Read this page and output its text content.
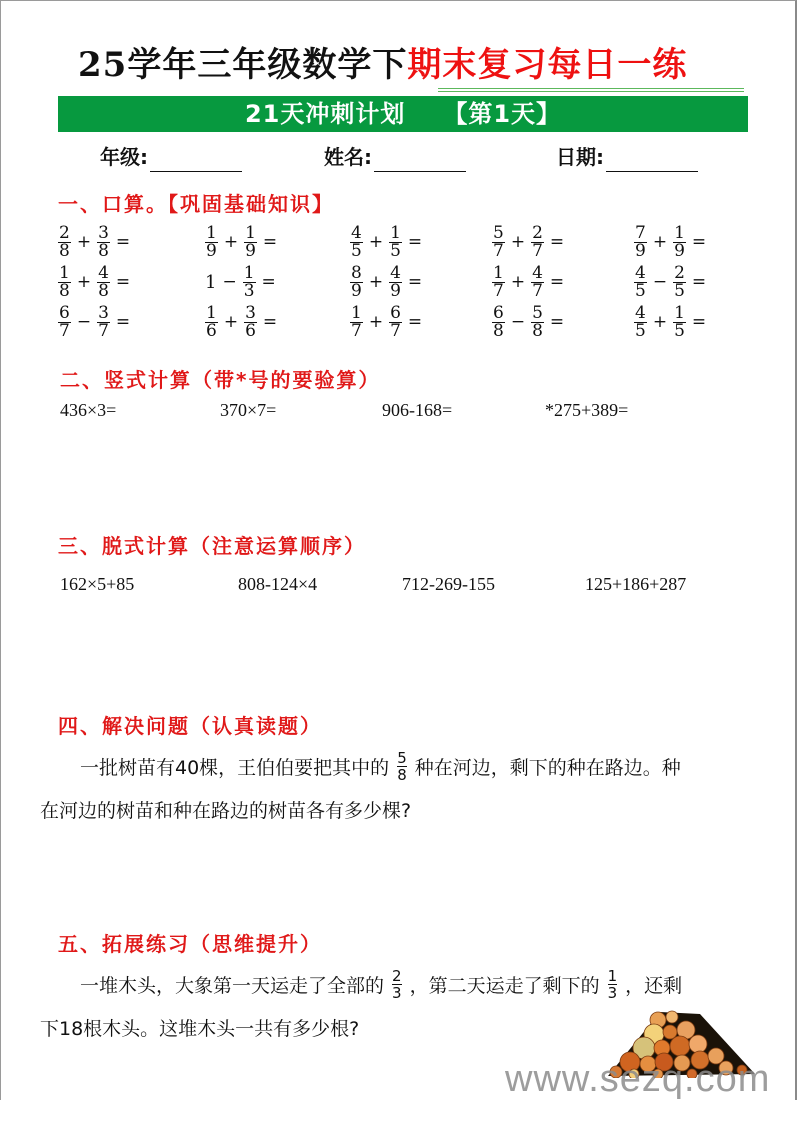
25学年三年级数学下期末复习每日一练
21天冲刺计划 【第1天】
年级:	姓名:	日期:
一、口算。【巩固基础知识】
$\frac{2}{8} + \frac{3}{8}$ =	$\frac{1}{9} + \frac{1}{9}$ =	$\frac{4}{5} + \frac{1}{5}$ =	$\frac{5}{7} + \frac{2}{7}$ =	$\frac{7}{9} + \frac{1}{9}$ =
$\frac{1}{8} + \frac{4}{8}$ =	$1 - \frac{1}{3}$ =	$\frac{8}{9} + \frac{4}{9}$ =	$\frac{1}{7} + \frac{4}{7}$ =	$\frac{4}{5} - \frac{2}{5}$ =
$\frac{6}{7} - \frac{3}{7}$ =	$\frac{1}{6} + \frac{3}{6}$ =	$\frac{1}{7} + \frac{6}{7}$ =	$\frac{6}{8} - \frac{5}{8}$ =	$\frac{4}{5} + \frac{1}{5}$ =
二、竖式计算（带*号的要验算）
436×3=	370×7=	906-168=	*275+389=
三、脱式计算（注意运算顺序）
162×5+85	808-124×4	712-269-155	125+186+287
四、解决问题（认真读题）
一批树苗有40棵，王伯伯要把其中的 $\frac{5}{8}$ 种在河边，剩下的种在路边。种
在河边的树苗和种在路边的树苗各有多少棵?
五、拓展练习（思维提升）
一堆木头，大象第一天运走了全部的 $\frac{2}{3}$ ，第二天运走了剩下的 $\frac{1}{3}$ ，还剩
下18根木头。这堆木头一共有多少根?
www.sezq.com
